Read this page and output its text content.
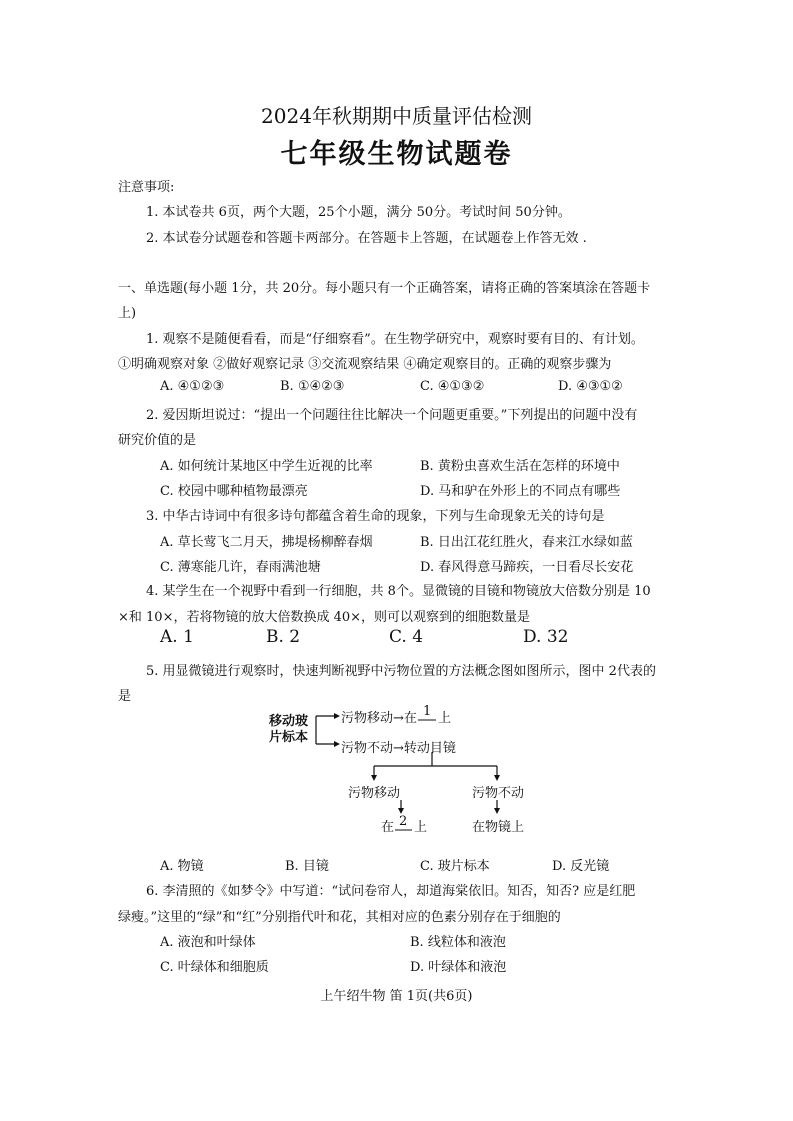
2024年秋期期中质量评估检测
七年级生物试题卷
注意事项:
1. 本试卷共 6页，两个大题，25个小题，满分 50分。考试时间 50分钟。
2. 本试卷分试题卷和答题卡两部分。在答题卡上答题，在试题卷上作答无效 .
一、单选题(每小题 1分，共 20分。每小题只有一个正确答案，请将正确的答案填涂在答题卡
上)
1. 观察不是随便看看，而是“仔细察看”。在生物学研究中，观察时要有目的、有计划。
①明确观察对象 ②做好观察记录 ③交流观察结果 ④确定观察目的。正确的观察步骤为
A. ④①②③	B. ①④②③	C. ④①③②	D. ④③①②
2. 爱因斯坦说过：“提出一个问题往往比解决一个问题更重要。”下列提出的问题中没有
研究价值的是
A. 如何统计某地区中学生近视的比率	B. 黄粉虫喜欢生活在怎样的环境中
C. 校园中哪种植物最漂亮	D. 马和驴在外形上的不同点有哪些
3. 中华古诗词中有很多诗句都蕴含着生命的现象，下列与生命现象无关的诗句是
A. 草长莺飞二月天，拂堤杨柳醉春烟	B. 日出江花红胜火，春来江水绿如蓝
C. 薄寒能几许，春雨满池塘	D. 春风得意马蹄疾，一日看尽长安花
4. 某学生在一个视野中看到一行细胞，共 8个。显微镜的目镜和物镜放大倍数分别是 10
×和 10×，若将物镜的放大倍数换成 40×，则可以观察到的细胞数量是
A. 1	B. 2	C. 4	D. 32
5. 用显微镜进行观察时，快速判断视野中污物位置的方法概念图如图所示，图中 2代表的
是
移动玻
片标本
污物移动→在 1 上
污物不动→转动目镜
污物移动	污物不动
在 2 上	在物镜上
A. 物镜	B. 目镜	C. 玻片标本	D. 反光镜
6. 李清照的《如梦令》中写道：“试问卷帘人，却道海棠依旧。知否，知否? 应是红肥
绿瘦。”这里的“绿”和“红”分别指代叶和花，其相对应的色素分别存在于细胞的
A. 液泡和叶绿体	B. 线粒体和液泡
C. 叶绿体和细胞质	D. 叶绿体和液泡
上午绍牛物 笛 1页(共6页)
